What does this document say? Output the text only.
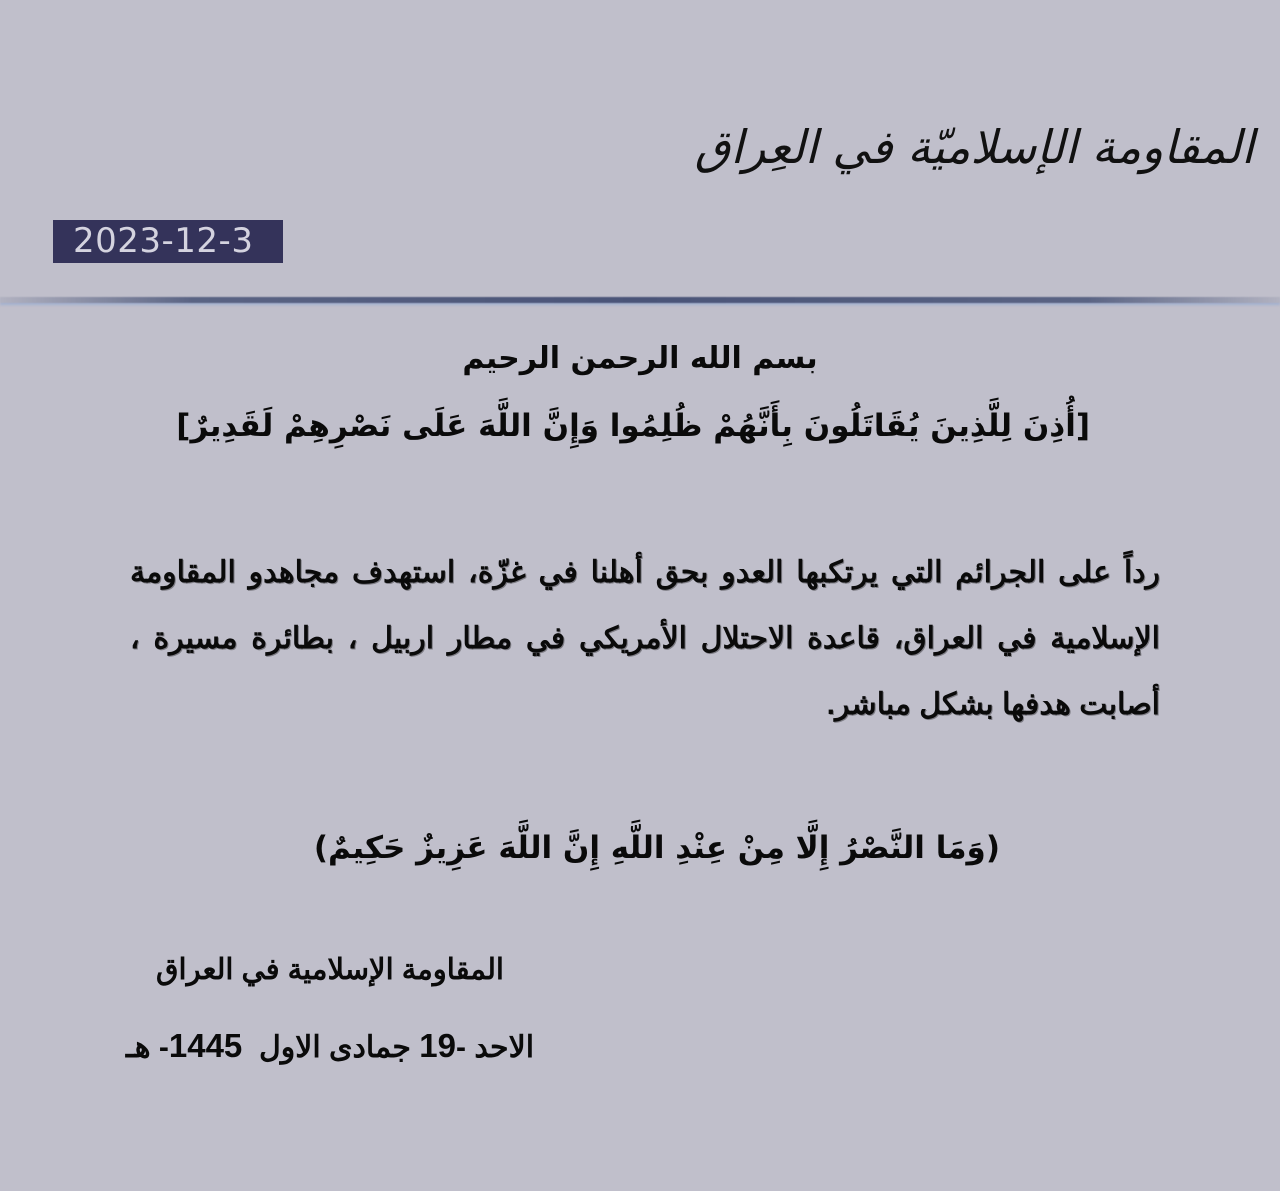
المقاومة الإسلاميّة في العِراق
2023-12-3
بسم الله الرحمن الرحيم
[أُذِنَ لِلَّذِينَ يُقَاتَلُونَ بِأَنَّهُمْ ظُلِمُوا وَإِنَّ اللَّهَ عَلَى نَصْرِهِمْ لَقَدِيرٌ]
رداً على الجرائم التي يرتكبها العدو بحق أهلنا في غزّة، استهدف مجاهدو المقاومة الإسلامية في العراق، قاعدة الاحتلال الأمريكي في مطار اربيل ، بطائرة مسيرة ، أصابت هدفها بشكل مباشر.
(وَمَا النَّصْرُ إِلَّا مِنْ عِنْدِ اللَّهِ إِنَّ اللَّهَ عَزِيزٌ حَكِيمٌ)
المقاومة الإسلامية في العراق
الاحد -19 جمادى الاول  1445- هـ
